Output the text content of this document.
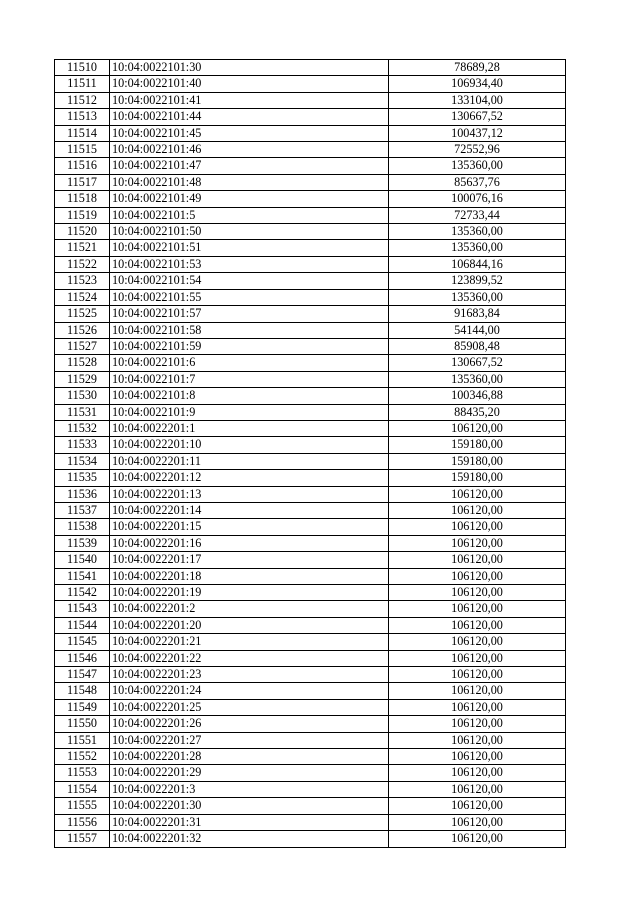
11510	10:04:0022101:30	78689,28
11511	10:04:0022101:40	106934,40
11512	10:04:0022101:41	133104,00
11513	10:04:0022101:44	130667,52
11514	10:04:0022101:45	100437,12
11515	10:04:0022101:46	72552,96
11516	10:04:0022101:47	135360,00
11517	10:04:0022101:48	85637,76
11518	10:04:0022101:49	100076,16
11519	10:04:0022101:5	72733,44
11520	10:04:0022101:50	135360,00
11521	10:04:0022101:51	135360,00
11522	10:04:0022101:53	106844,16
11523	10:04:0022101:54	123899,52
11524	10:04:0022101:55	135360,00
11525	10:04:0022101:57	91683,84
11526	10:04:0022101:58	54144,00
11527	10:04:0022101:59	85908,48
11528	10:04:0022101:6	130667,52
11529	10:04:0022101:7	135360,00
11530	10:04:0022101:8	100346,88
11531	10:04:0022101:9	88435,20
11532	10:04:0022201:1	106120,00
11533	10:04:0022201:10	159180,00
11534	10:04:0022201:11	159180,00
11535	10:04:0022201:12	159180,00
11536	10:04:0022201:13	106120,00
11537	10:04:0022201:14	106120,00
11538	10:04:0022201:15	106120,00
11539	10:04:0022201:16	106120,00
11540	10:04:0022201:17	106120,00
11541	10:04:0022201:18	106120,00
11542	10:04:0022201:19	106120,00
11543	10:04:0022201:2	106120,00
11544	10:04:0022201:20	106120,00
11545	10:04:0022201:21	106120,00
11546	10:04:0022201:22	106120,00
11547	10:04:0022201:23	106120,00
11548	10:04:0022201:24	106120,00
11549	10:04:0022201:25	106120,00
11550	10:04:0022201:26	106120,00
11551	10:04:0022201:27	106120,00
11552	10:04:0022201:28	106120,00
11553	10:04:0022201:29	106120,00
11554	10:04:0022201:3	106120,00
11555	10:04:0022201:30	106120,00
11556	10:04:0022201:31	106120,00
11557	10:04:0022201:32	106120,00
